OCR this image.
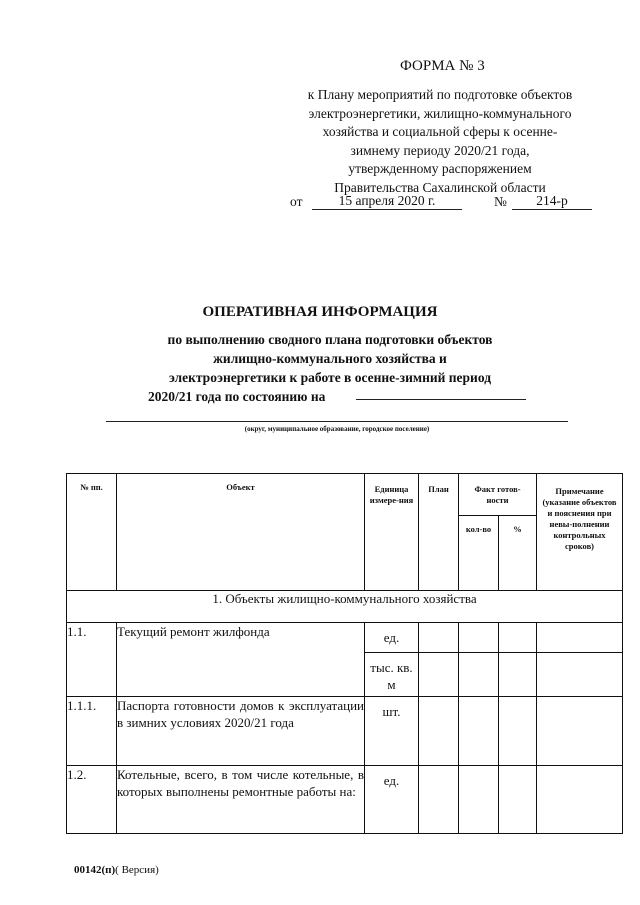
ФОРМА № 3
к Плану мероприятий по подготовке объектов
электроэнергетики, жилищно-коммунального
хозяйства и социальной сферы к осенне-
зимнему периоду 2020/21 года,
утвержденному распоряжением
Правительства Сахалинской области
от	15 апреля 2020 г.	№	214-р
ОПЕРАТИВНАЯ ИНФОРМАЦИЯ
по выполнению сводного плана подготовки объектов
жилищно-коммунального хозяйства и
электроэнергетики к работе в осенне-зимний период
2020/21 года по состоянию на
(округ, муниципальное образование, городское поселение)
№ пп.	Объект	Единица измере-ния	План	Факт готов-ности		Примечание (указание объектов и пояснения при невы-полнении контрольных сроков)
				кол-во	%	
1. Объекты жилищно-коммунального хозяйства						
1.1.	Текущий ремонт жилфонда	ед.				
		тыс. кв. м				
1.1.1.	Паспорта готовности домов к эксплуатации в зимних условиях 2020/21 года	шт.				
1.2.	Котельные, всего, в том числе котельные, в которых выполнены ремонтные работы на:	ед.				
00142(п)( Версия)
